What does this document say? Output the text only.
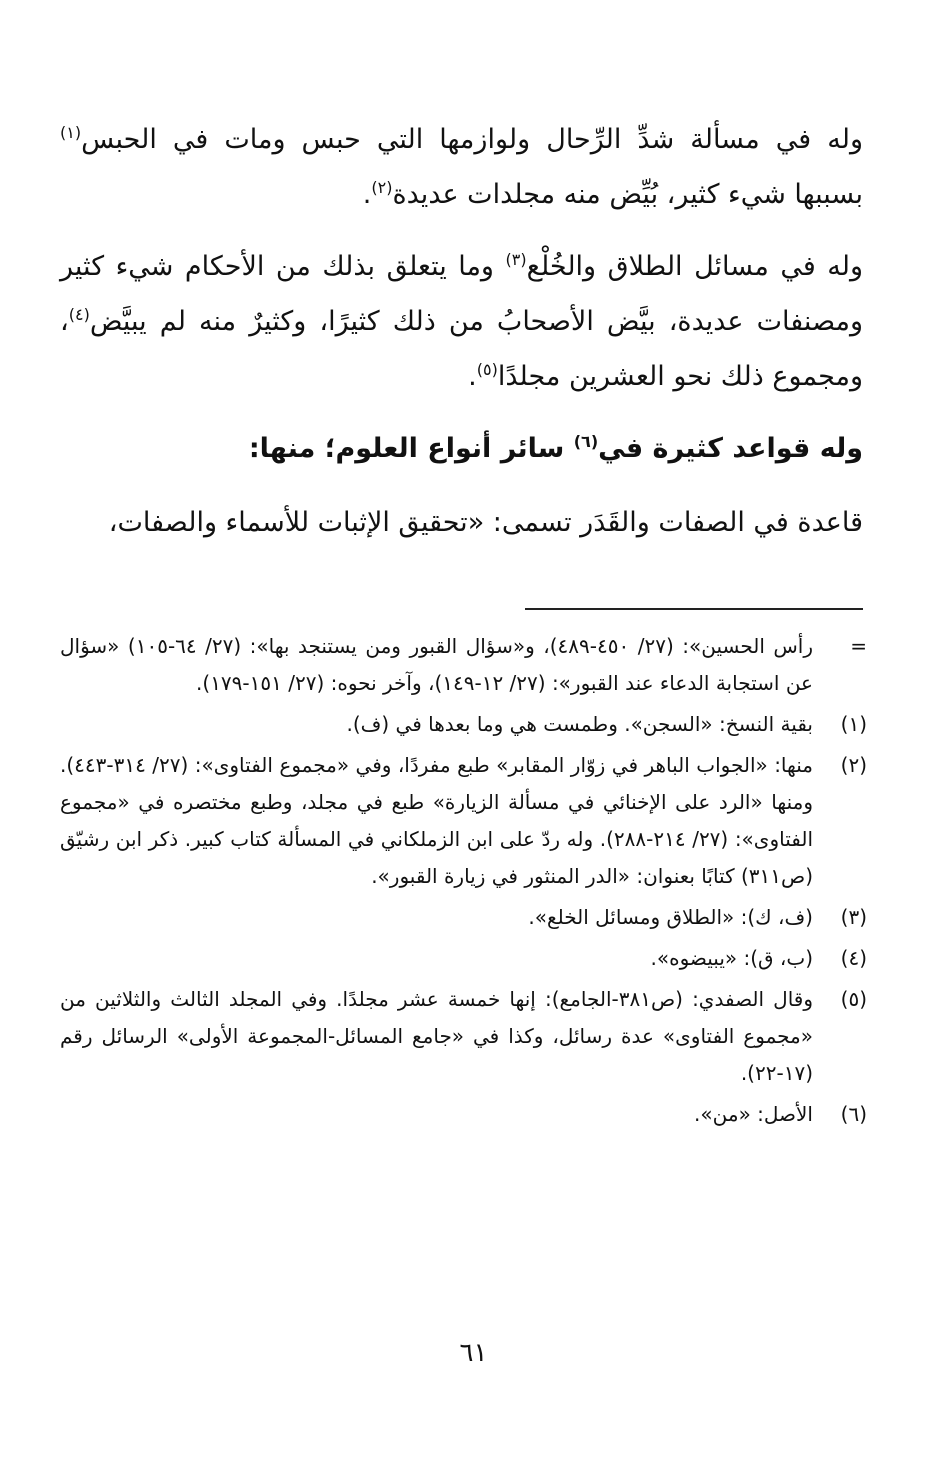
وله في مسألة شدِّ الرِّحال ولوازمها التي حبس ومات في الحبس$^{(١)}$ بسببها شيء كثير، بُيِّض منه مجلدات عديدة$^{(٢)}$.

وله في مسائل الطلاق والخُلْع$^{(٣)}$ وما يتعلق بذلك من الأحكام شيء كثير ومصنفات عديدة، بيَّض الأصحابُ من ذلك كثيرًا، وكثيرٌ منه لم يبيَّض$^{(٤)}$، ومجموع ذلك نحو العشرين مجلدًا$^{(٥)}$.

وله قواعد كثيرة في$^{(٦)}$ سائر أنواع العلوم؛ منها:

قاعدة في الصفات والقَدَر تسمى: «تحقيق الإثبات للأسماء والصفات،

=
رأس الحسين»: (٢٧/ ٤٥٠-٤٨٩)، و«سؤال القبور ومن يستنجد بها»: (٢٧/ ٦٤-١٠٥) «سؤال عن استجابة الدعاء عند القبور»: (٢٧/ ١٢-١٤٩)، وآخر نحوه: (٢٧/ ١٥١-١٧٩).
(١)
بقية النسخ: «السجن». وطمست هي وما بعدها في (ف).
(٢)
منها: «الجواب الباهر في زوّار المقابر» طبع مفردًا، وفي «مجموع الفتاوى»: (٢٧/ ٣١٤-٤٤٣). ومنها «الرد على الإخنائي في مسألة الزيارة» طبع في مجلد، وطبع مختصره في «مجموع الفتاوى»: (٢٧/ ٢١٤-٢٨٨). وله ردّ على ابن الزملكاني في المسألة كتاب كبير. ذكر ابن رشيّق (ص٣١١) كتابًا بعنوان: «الدر المنثور في زيارة القبور».
(٣)
(ف، ك): «الطلاق ومسائل الخلع».
(٤)
(ب، ق): «يبيضوه».
(٥)
وقال الصفدي: (ص٣٨١-الجامع): إنها خمسة عشر مجلدًا. وفي المجلد الثالث والثلاثين من «مجموع الفتاوى» عدة رسائل، وكذا في «جامع المسائل-المجموعة الأولى» الرسائل رقم (١٧-٢٢).
(٦)
الأصل: «من».
٦١
